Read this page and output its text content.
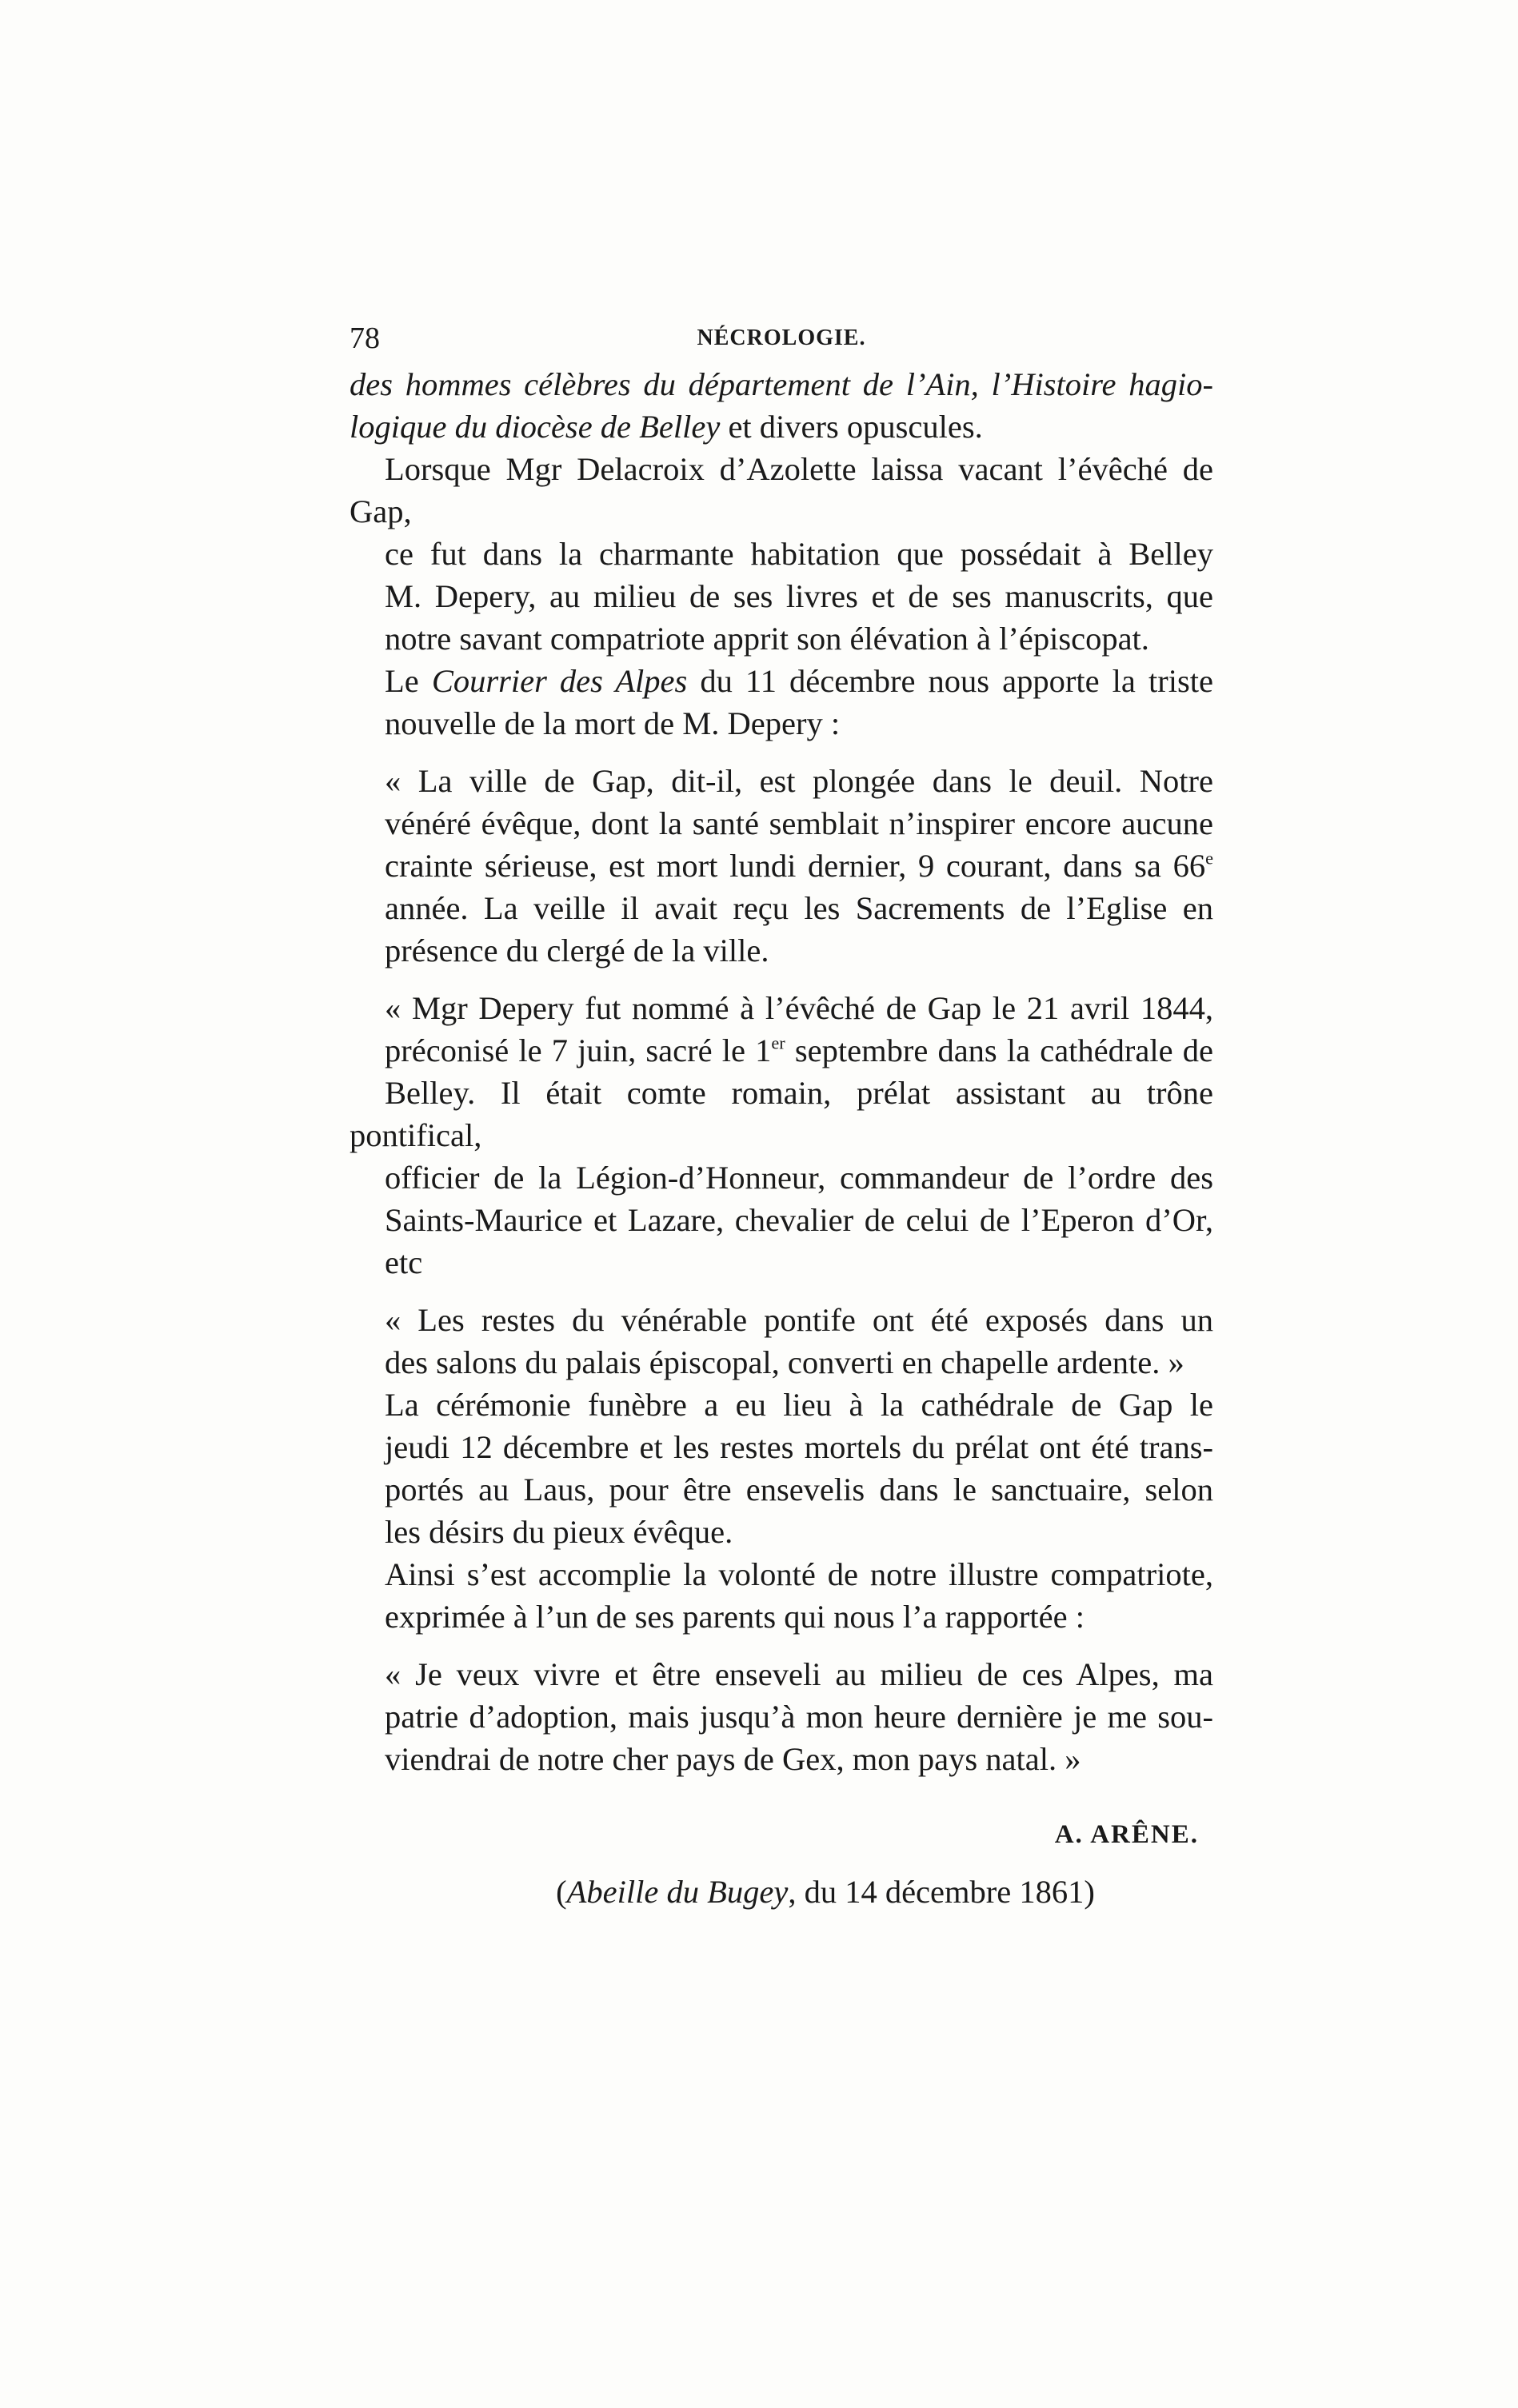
78	NÉCROLOGIE.

des hommes célèbres du département de l’Ain, l’Histoire hagio-
logique du diocèse de Belley et divers opuscules.

Lorsque Mgr Delacroix d’Azolette laissa vacant l’évêché de Gap,
ce fut dans la charmante habitation que possédait à Belley
M. Depery, au milieu de ses livres et de ses manuscrits, que
notre savant compatriote apprit son élévation à l’épiscopat.

Le Courrier des Alpes du 11 décembre nous apporte la triste
nouvelle de la mort de M. Depery :

« La ville de Gap, dit-il, est plongée dans le deuil. Notre
vénéré évêque, dont la santé semblait n’inspirer encore aucune
crainte sérieuse, est mort lundi dernier, 9 courant, dans sa 66e
année. La veille il avait reçu les Sacrements de l’Eglise en
présence du clergé de la ville.

« Mgr Depery fut nommé à l’évêché de Gap le 21 avril 1844,
préconisé le 7 juin, sacré le 1er septembre dans la cathédrale de
Belley. Il était comte romain, prélat assistant au trône pontifical,
officier de la Légion-d’Honneur, commandeur de l’ordre des
Saints-Maurice et Lazare, chevalier de celui de l’Eperon d’Or,
etc

« Les restes du vénérable pontife ont été exposés dans un
des salons du palais épiscopal, converti en chapelle ardente. »

La cérémonie funèbre a eu lieu à la cathédrale de Gap le
jeudi 12 décembre et les restes mortels du prélat ont été trans-
portés au Laus, pour être ensevelis dans le sanctuaire, selon
les désirs du pieux évêque.

Ainsi s’est accomplie la volonté de notre illustre compatriote,
exprimée à l’un de ses parents qui nous l’a rapportée :

« Je veux vivre et être enseveli au milieu de ces Alpes, ma
patrie d’adoption, mais jusqu’à mon heure dernière je me sou-
viendrai de notre cher pays de Gex, mon pays natal. »

A. ARÊNE.
(Abeille du Bugey, du 14 décembre 1861)
